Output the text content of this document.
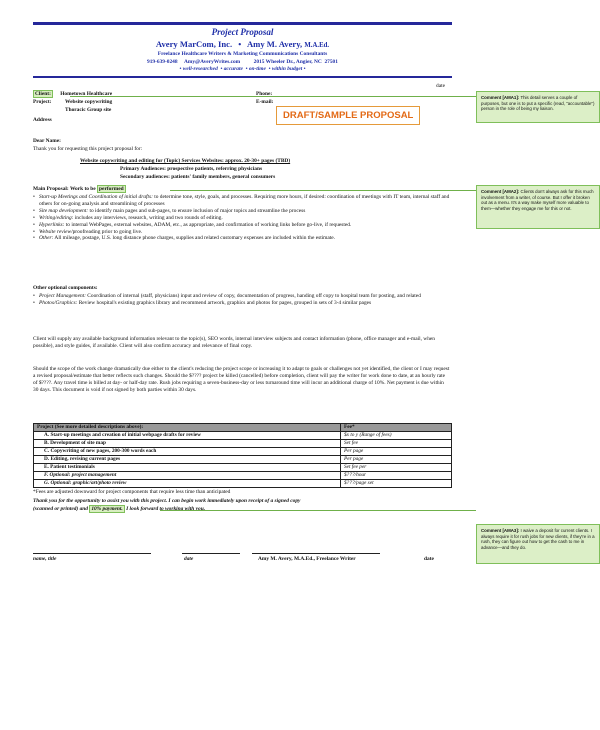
Project Proposal
Avery MarCom, Inc. • Amy M. Avery, M.A.Ed.
Freelance Healthcare Writers & Marketing Communications Consultants
919-639-0248     Amy@AveryWrites.com          2015 Wheeler Dr., Angier, NC  27501
• well-researched  • accurate  • on-time  • within budget •
date
Client: Hometown Healthcare
Project:	Website copywriting
Thoracic Group site
Address
Phone:
E-mail:
DRAFT/SAMPLE PROPOSAL
Dear Name:
Thank you for requesting this project proposal for:
Website copywriting and editing for (Topic) Services Websites: approx. 20-30+ pages (TBD)
Primary Audiences: prospective patients, referring physicians
Secondary audiences: patients' family members, general consumers
Main Proposal: Work to be performed
• Start-up Meetings and Coordination of initial drafts: to determine tone, style, goals, and processes. Requiring more hours, if desired: coordination of meetings with IT team, internal staff and others for on-going analysis and streamlining of processes
• Site map development: to identify main pages and sub-pages, to ensure inclusion of major topics and streamline the process
• Writing/editing: includes any interviews, research, writing and two rounds of editing.
• Hyperlinks: to internal WebPages, external websites, ADAM, etc., as appropriate, and confirmation of working links before go-live, if requested.
• Website review/proofreading prior to going live.
• Other: All mileage, postage, U.S. long distance phone charges, supplies and related customary expenses are included within the estimate.
Other optional components:
• Project Management: Coordination of internal (staff, physicians) input and review of copy, documentation of progress, handing off copy to hospital team for posting, and related
• Photos/Graphics: Review hospital's existing graphics library and recommend artwork, graphics and photos for pages, grouped in sets of 3-4 similar pages
Client will supply any available background information relevant to the topic(s), SEO words, internal interview subjects and contact information (phone, office manager and e-mail, when possible), and style guides, if available. Client will also confirm accuracy and relevance of final copy.
Should the scope of the work change dramatically due either to the client's reducing the project scope or increasing it to adapt to goals or challenges not yet identified, the client or I may request a revised proposal/estimate that better reflects such changes. Should the $???? project be killed (cancelled) before completion, client will pay the writer for work done to date, at an hourly rate of $????. Any travel time is billed at day- or half-day rate. Rush jobs requiring a seven-business-day or less turnaround time will incur an additional charge of 10%. Net payment is due within 30 days. This document is void if not signed by both parties within 30 days.
Project (See more detailed descriptions above):	Fee*
A. Start-up meetings and creation of initial webpage drafts for review	$x to y (Range of fees)
B. Development of site map	Set fee
C. Copywriting of new pages, 200-300 words each	Per page
D. Editing, revising current pages	Per page
E. Patient testimonials	Set fee per
F. Optional: project management	$???/hour
G. Optional: graphic/art/photo review	$???/page set
*Fees are adjusted downward for project components that require less time than anticipated
Thank you for the opportunity to assist you with this project. I can begin work immediately upon receipt of a signed copy
(scanned or printed) and 10% payment. I look forward to working with you.
name, title	date	Amy M. Avery, M.A.Ed., Freelance Writer	date
Comment [AMA1]: This detail serves a couple of purposes, but one is to put a specific (read, "accountable") person in the role of being my liaison.
Comment [AMA2]: Clients don't always ask for this much involvement from a writer, of course. But I offer it broken out as a menu. It's a way make myself more valuable to them—whether they engage me for this or not.
Comment [AMA3]: I waive a deposit for current clients. I always require it for rush jobs for new clients, if they're in a rush, they can figure out how to get the cash to me in advance—and they do.
